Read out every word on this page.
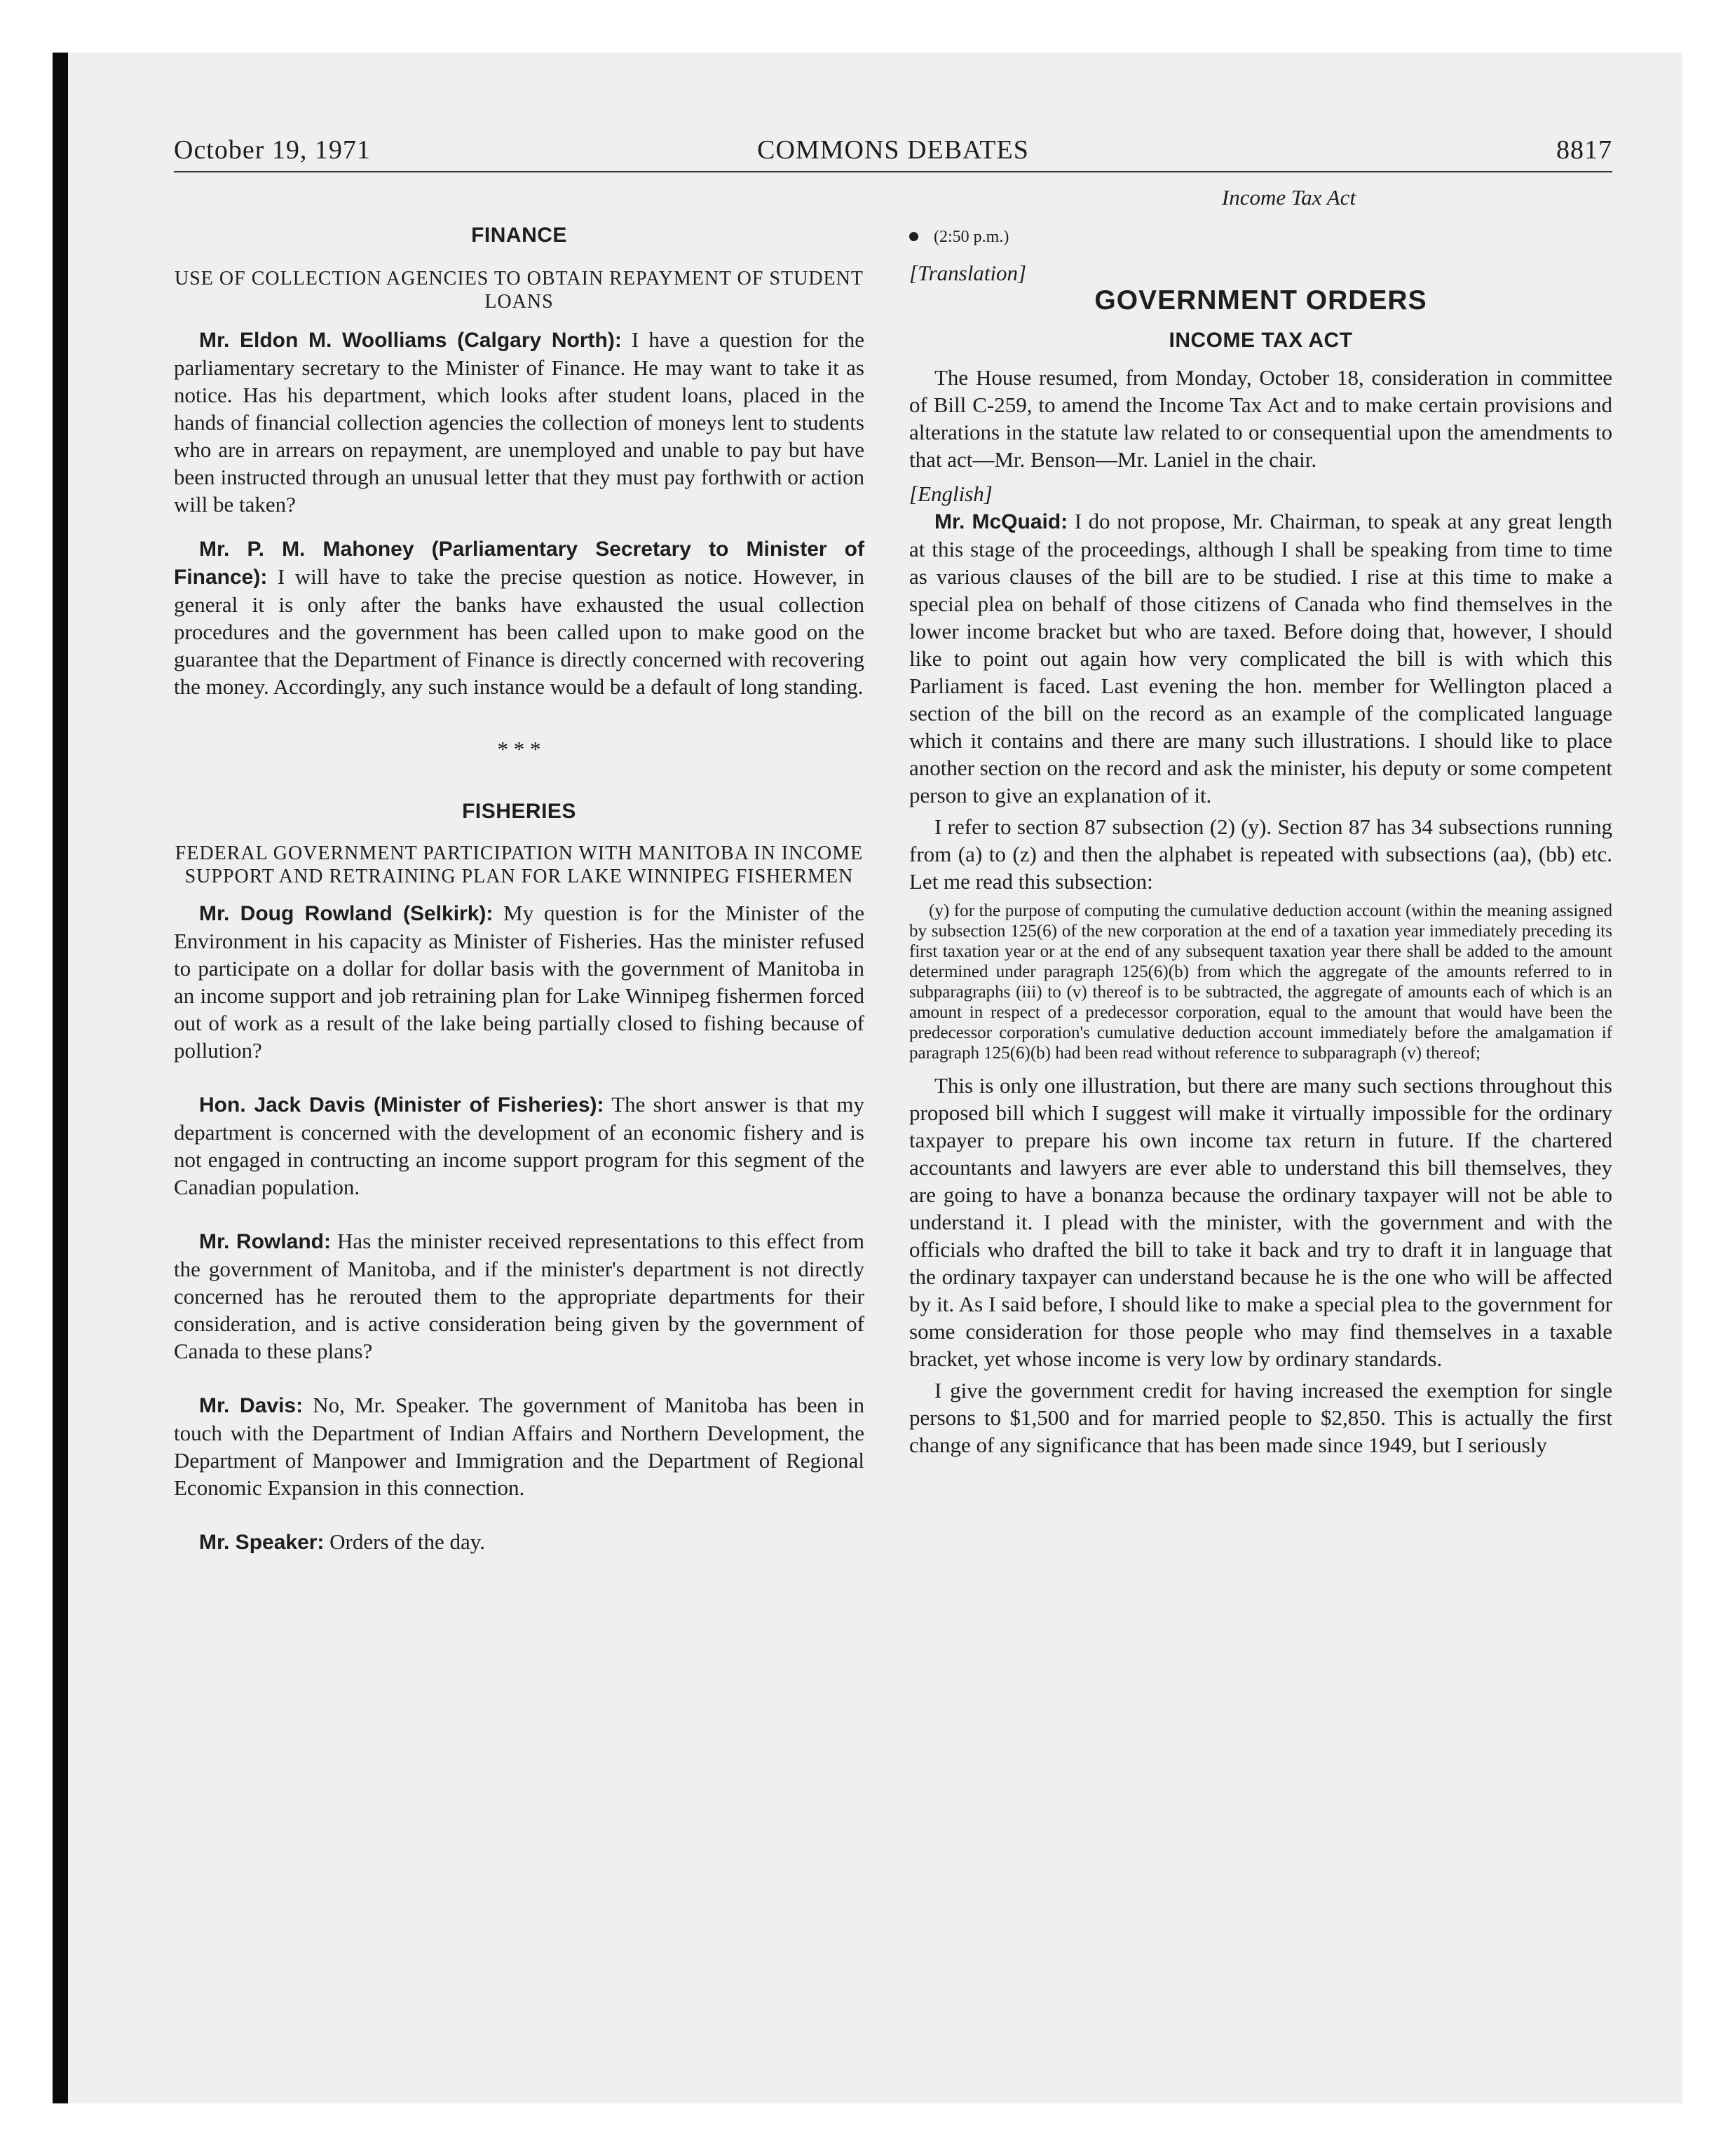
October 19, 1971	COMMONS DEBATES	8817
FINANCE
USE OF COLLECTION AGENCIES TO OBTAIN REPAYMENT OF STUDENT LOANS

Mr. Eldon M. Woolliams (Calgary North): I have a question for the parliamentary secretary to the Minister of Finance. He may want to take it as notice. Has his department, which looks after student loans, placed in the hands of financial collection agencies the collection of moneys lent to students who are in arrears on repayment, are unemployed and unable to pay but have been instructed through an unusual letter that they must pay forthwith or action will be taken?

Mr. P. M. Mahoney (Parliamentary Secretary to Minister of Finance): I will have to take the precise question as notice. However, in general it is only after the banks have exhausted the usual collection procedures and the government has been called upon to make good on the guarantee that the Department of Finance is directly concerned with recovering the money. Accordingly, any such instance would be a default of long standing.

* * *
FISHERIES
FEDERAL GOVERNMENT PARTICIPATION WITH MANITOBA IN INCOME SUPPORT AND RETRAINING PLAN FOR LAKE WINNIPEG FISHERMEN

Mr. Doug Rowland (Selkirk): My question is for the Minister of the Environment in his capacity as Minister of Fisheries. Has the minister refused to participate on a dollar for dollar basis with the government of Manitoba in an income support and job retraining plan for Lake Winnipeg fishermen forced out of work as a result of the lake being partially closed to fishing because of pollution?

Hon. Jack Davis (Minister of Fisheries): The short answer is that my department is concerned with the development of an economic fishery and is not engaged in contructing an income support program for this segment of the Canadian population.

Mr. Rowland: Has the minister received representations to this effect from the government of Manitoba, and if the minister's department is not directly concerned has he rerouted them to the appropriate departments for their consideration, and is active consideration being given by the government of Canada to these plans?

Mr. Davis: No, Mr. Speaker. The government of Manitoba has been in touch with the Department of Indian Affairs and Northern Development, the Department of Manpower and Immigration and the Department of Regional Economic Expansion in this connection.

Mr. Speaker: Orders of the day.

Income Tax Act
(2:50 p.m.)
[Translation]
GOVERNMENT ORDERS
INCOME TAX ACT

The House resumed, from Monday, October 18, consideration in committee of Bill C-259, to amend the Income Tax Act and to make certain provisions and alterations in the statute law related to or consequential upon the amendments to that act—Mr. Benson—Mr. Laniel in the chair.

[English]

Mr. McQuaid: I do not propose, Mr. Chairman, to speak at any great length at this stage of the proceedings, although I shall be speaking from time to time as various clauses of the bill are to be studied. I rise at this time to make a special plea on behalf of those citizens of Canada who find themselves in the lower income bracket but who are taxed. Before doing that, however, I should like to point out again how very complicated the bill is with which this Parliament is faced. Last evening the hon. member for Wellington placed a section of the bill on the record as an example of the complicated language which it contains and there are many such illustrations. I should like to place another section on the record and ask the minister, his deputy or some competent person to give an explanation of it.

I refer to section 87 subsection (2) (y). Section 87 has 34 subsections running from (a) to (z) and then the alphabet is repeated with subsections (aa), (bb) etc. Let me read this subsection:

(y) for the purpose of computing the cumulative deduction account (within the meaning assigned by subsection 125(6) of the new corporation at the end of a taxation year immediately preceding its first taxation year or at the end of any subsequent taxation year there shall be added to the amount determined under paragraph 125(6)(b) from which the aggregate of the amounts referred to in subparagraphs (iii) to (v) thereof is to be subtracted, the aggregate of amounts each of which is an amount in respect of a predecessor corporation, equal to the amount that would have been the predecessor corporation's cumulative deduction account immediately before the amalgamation if paragraph 125(6)(b) had been read without reference to subparagraph (v) thereof;

This is only one illustration, but there are many such sections throughout this proposed bill which I suggest will make it virtually impossible for the ordinary taxpayer to prepare his own income tax return in future. If the chartered accountants and lawyers are ever able to understand this bill themselves, they are going to have a bonanza because the ordinary taxpayer will not be able to understand it. I plead with the minister, with the government and with the officials who drafted the bill to take it back and try to draft it in language that the ordinary taxpayer can understand because he is the one who will be affected by it. As I said before, I should like to make a special plea to the government for some consideration for those people who may find themselves in a taxable bracket, yet whose income is very low by ordinary standards.

I give the government credit for having increased the exemption for single persons to $1,500 and for married people to $2,850. This is actually the first change of any significance that has been made since 1949, but I seriously
